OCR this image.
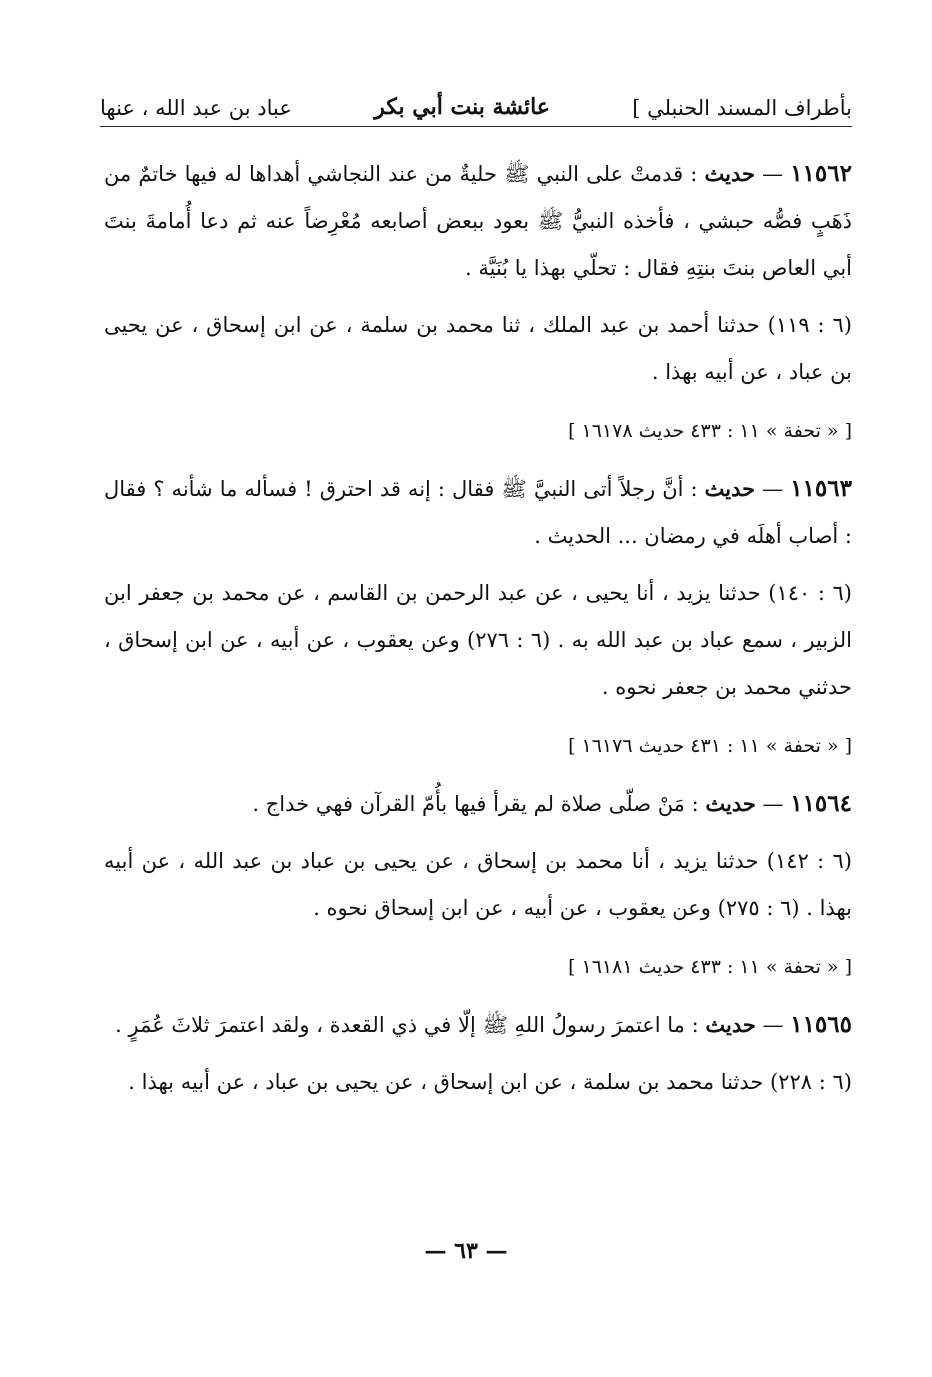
بأطراف المسند الحنبلي ]
عائشة بنت أبي بكر
عباد بن عبد الله ، عنها

١١٥٦٢ — حديث : قدمتْ على النبي ﷺ حليةٌ من عند النجاشي أهداها له فيها خاتمٌ من ذَهَبٍ فصُّه حبشي ، فأخذه النبيُّ ﷺ بعود ببعض أصابعه مُعْرِضاً عنه ثم دعا أُمامةَ بنتَ أبي العاص بنتَ بنتِهِ فقال : تحلّي بهذا يا بُنَيَّة .

(٦ : ١١٩) حدثنا أحمد بن عبد الملك ، ثنا محمد بن سلمة ، عن ابن إسحاق ، عن يحيى بن عباد ، عن أبيه بهذا .

[ « تحفة » ١١ : ٤٣٣ حديث ١٦١٧٨ ]

١١٥٦٣ — حديث : أنَّ رجلاً أتى النبيَّ ﷺ فقال : إنه قد احترق ! فسأله ما شأنه ؟ فقال : أصاب أهلَه في رمضان ... الحديث .

(٦ : ١٤٠) حدثنا يزيد ، أنا يحيى ، عن عبد الرحمن بن القاسم ، عن محمد بن جعفر ابن الزبير ، سمع عباد بن عبد الله به . (٦ : ٢٧٦) وعن يعقوب ، عن أبيه ، عن ابن إسحاق ، حدثني محمد بن جعفر نحوه .

[ « تحفة » ١١ : ٤٣١ حديث ١٦١٧٦ ]

١١٥٦٤ — حديث : مَنْ صلّى صلاة لم يقرأ فيها بأُمّ القرآن فهي خداج .

(٦ : ١٤٢) حدثنا يزيد ، أنا محمد بن إسحاق ، عن يحيى بن عباد بن عبد الله ، عن أبيه بهذا . (٦ : ٢٧٥) وعن يعقوب ، عن أبيه ، عن ابن إسحاق نحوه .

[ « تحفة » ١١ : ٤٣٣ حديث ١٦١٨١ ]

١١٥٦٥ — حديث : ما اعتمرَ رسولُ اللهِ ﷺ إلّا في ذي القعدة ، ولقد اعتمرَ ثلاثَ عُمَرٍ .

(٦ : ٢٢٨) حدثنا محمد بن سلمة ، عن ابن إسحاق ، عن يحيى بن عباد ، عن أبيه بهذا .

— ٦٣ —
